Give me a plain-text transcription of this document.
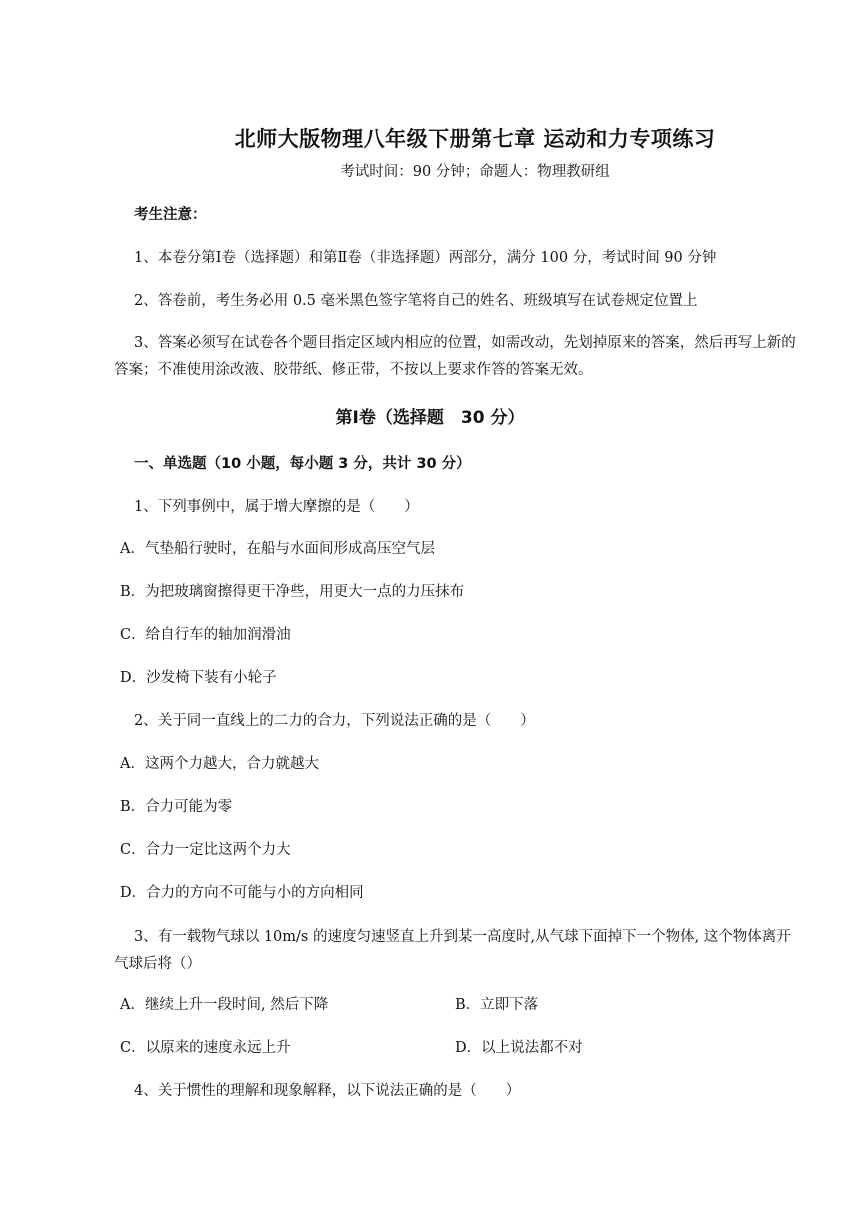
北师大版物理八年级下册第七章 运动和力专项练习
考试时间：90 分钟；命题人：物理教研组
考生注意：
1、本卷分第Ⅰ卷（选择题）和第Ⅱ卷（非选择题）两部分，满分 100 分，考试时间 90 分钟
2、答卷前，考生务必用 0.5 毫米黑色签字笔将自己的姓名、班级填写在试卷规定位置上
3、答案必须写在试卷各个题目指定区域内相应的位置，如需改动，先划掉原来的答案，然后再写上新的答案；不准使用涂改液、胶带纸、修正带，不按以上要求作答的答案无效。
第Ⅰ卷（选择题　30 分）
一、单选题（10 小题，每小题 3 分，共计 30 分）
1、下列事例中，属于增大摩擦的是（　　）
A．气垫船行驶时，在船与水面间形成高压空气层
B．为把玻璃窗擦得更干净些，用更大一点的力压抹布
C．给自行车的轴加润滑油
D．沙发椅下装有小轮子
2、关于同一直线上的二力的合力，下列说法正确的是（　　）
A．这两个力越大，合力就越大
B．合力可能为零
C．合力一定比这两个力大
D．合力的方向不可能与小的方向相同
3、有一载物气球以 10m/s 的速度匀速竖直上升到某一高度时,从气球下面掉下一个物体, 这个物体离开气球后将（）
A．继续上升一段时间, 然后下降	B．立即下落
C．以原来的速度永远上升	D．以上说法都不对
4、关于惯性的理解和现象解释，以下说法正确的是（　　）
